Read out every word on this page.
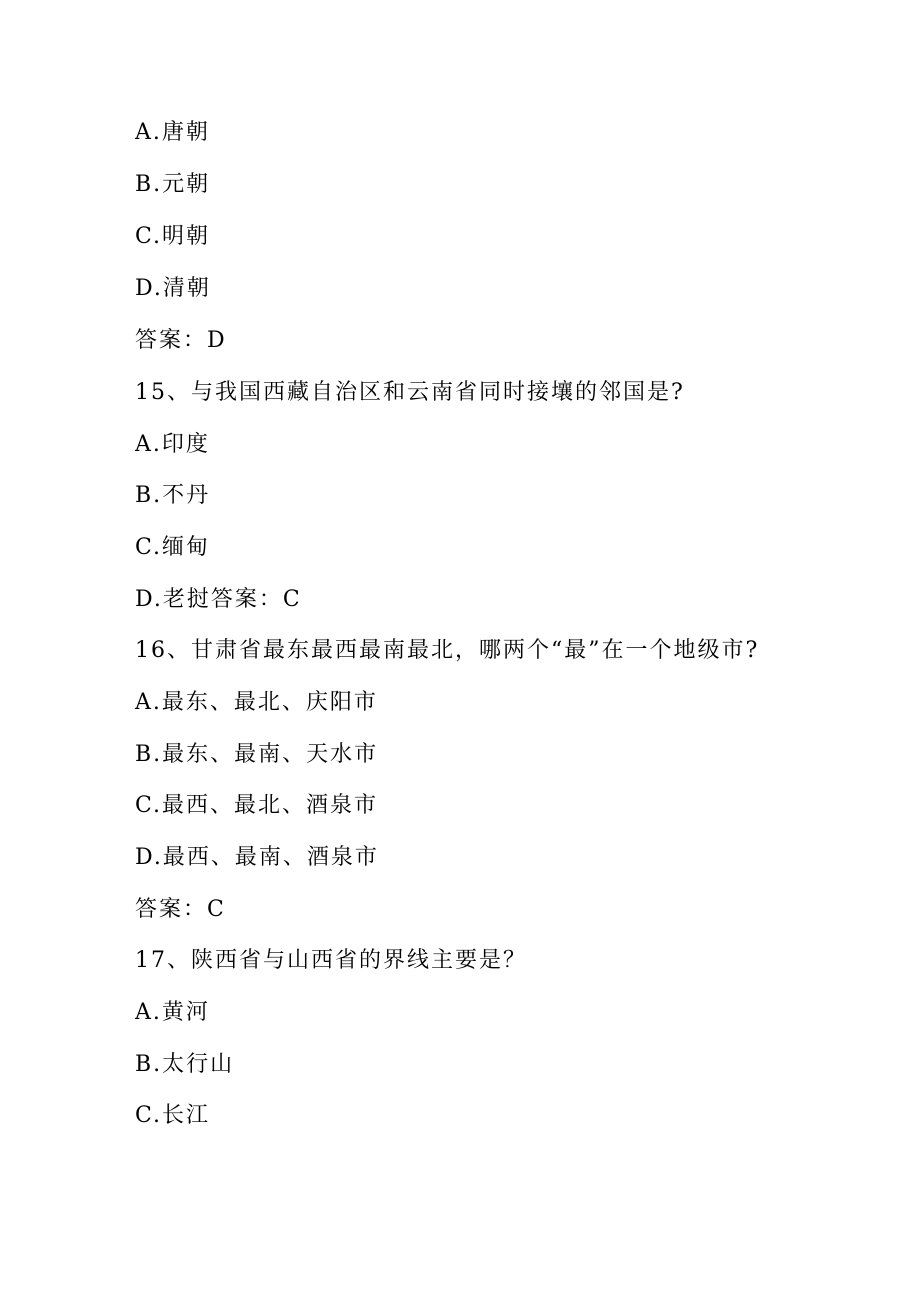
A.唐朝
B.元朝
C.明朝
D.清朝
答案：D
15、与我国西藏自治区和云南省同时接壤的邻国是?
A.印度
B.不丹
C.缅甸
D.老挝答案：C
16、甘肃省最东最西最南最北，哪两个“最”在一个地级市?
A.最东、最北、庆阳市
B.最东、最南、天水市
C.最西、最北、酒泉市
D.最西、最南、酒泉市
答案：C
17、陕西省与山西省的界线主要是？
A.黄河
B.太行山
C.长江
